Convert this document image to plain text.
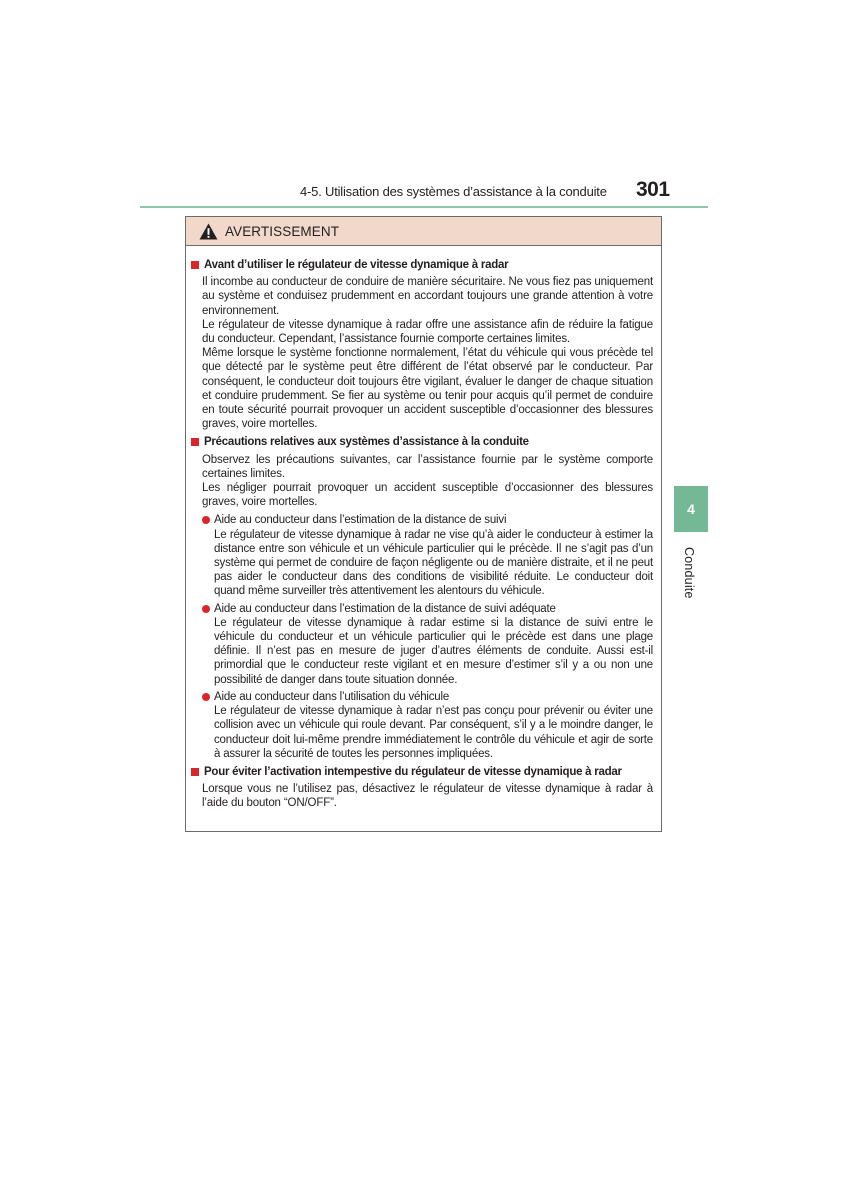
4-5. Utilisation des systèmes d’assistance à la conduite 301
4
Conduite
AVERTISSEMENT
Avant d’utiliser le régulateur de vitesse dynamique à radar
Il incombe au conducteur de conduire de manière sécuritaire. Ne vous fiez pas uniquement au système et conduisez prudemment en accordant toujours une grande attention à votre environnement.
Le régulateur de vitesse dynamique à radar offre une assistance afin de réduire la fatigue du conducteur. Cependant, l’assistance fournie comporte certaines limites.
Même lorsque le système fonctionne normalement, l’état du véhicule qui vous précède tel que détecté par le système peut être différent de l’état observé par le conducteur. Par conséquent, le conducteur doit toujours être vigilant, évaluer le danger de chaque situation et conduire prudemment. Se fier au système ou tenir pour acquis qu’il permet de conduire en toute sécurité pourrait provoquer un accident susceptible d’occasionner des blessures graves, voire mortelles.
Précautions relatives aux systèmes d’assistance à la conduite
Observez les précautions suivantes, car l’assistance fournie par le système comporte certaines limites.
Les négliger pourrait provoquer un accident susceptible d’occasionner des blessures graves, voire mortelles.
Aide au conducteur dans l’estimation de la distance de suivi
Le régulateur de vitesse dynamique à radar ne vise qu’à aider le conducteur à estimer la distance entre son véhicule et un véhicule particulier qui le précède. Il ne s’agit pas d’un système qui permet de conduire de façon négligente ou de manière distraite, et il ne peut pas aider le conducteur dans des conditions de visibilité réduite. Le conducteur doit quand même surveiller très attentivement les alentours du véhicule.
Aide au conducteur dans l’estimation de la distance de suivi adéquate
Le régulateur de vitesse dynamique à radar estime si la distance de suivi entre le véhicule du conducteur et un véhicule particulier qui le précède est dans une plage définie. Il n’est pas en mesure de juger d’autres éléments de conduite. Aussi est-il primordial que le conducteur reste vigilant et en mesure d’estimer s’il y a ou non une possibilité de danger dans toute situation donnée.
Aide au conducteur dans l’utilisation du véhicule
Le régulateur de vitesse dynamique à radar n’est pas conçu pour prévenir ou éviter une collision avec un véhicule qui roule devant. Par conséquent, s’il y a le moindre danger, le conducteur doit lui-même prendre immédiatement le contrôle du véhicule et agir de sorte à assurer la sécurité de toutes les personnes impliquées.
Pour éviter l’activation intempestive du régulateur de vitesse dynamique à radar
Lorsque vous ne l’utilisez pas, désactivez le régulateur de vitesse dynamique à radar à l’aide du bouton “ON/OFF”.
